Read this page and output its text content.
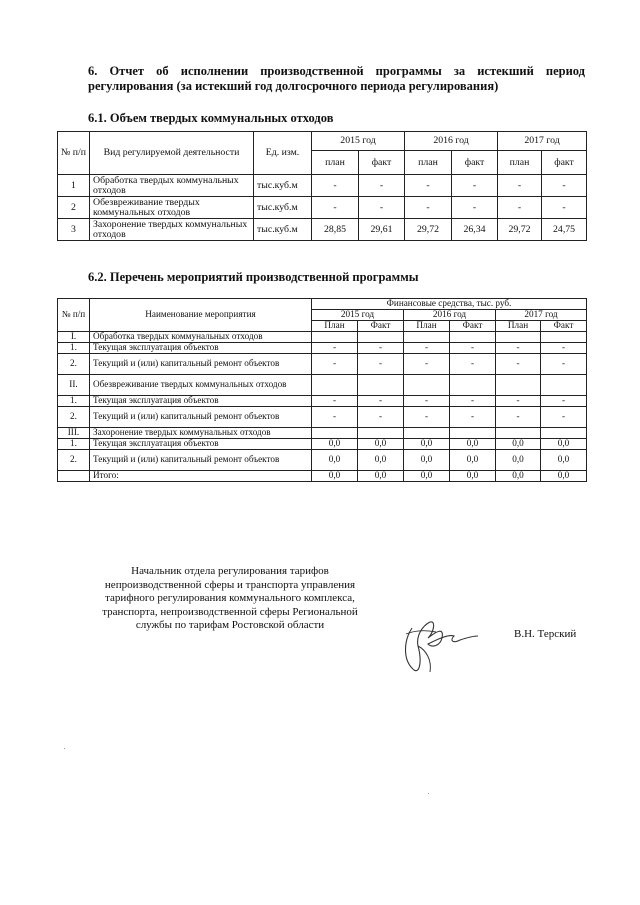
6. Отчет об исполнении производственной программы за истекший период
регулирования (за истекший год долгосрочного периода регулирования)
6.1. Объем твердых коммунальных отходов
№ п/п	Вид регулируемой деятельности	Ед. изм.	2015 год		2016 год		2017 год	
			план	факт	план	факт	план	факт
1	Обработка твердых коммунальных отходов	тыс.куб.м	-	-	-	-	-	-
2	Обезвреживание твердых коммунальных отходов	тыс.куб.м	-	-	-	-	-	-
3	Захоронение твердых коммунальных отходов	тыс.куб.м	28,85	29,61	29,72	26,34	29,72	24,75
6.2. Перечень мероприятий производственной программы
№ п/п	Наименование мероприятия	Финансовые средства, тыс. руб.					
		2015 год		2016 год		2017 год	
		План	Факт	План	Факт	План	Факт
I.	Обработка твердых коммунальных отходов						
1.	Текущая эксплуатация объектов	-	-	-	-	-	-
2.	Текущий и (или) капитальный ремонт объектов	-	-	-	-	-	-
II.	Обезвреживание твердых коммунальных отходов						
1.	Текущая эксплуатация объектов	-	-	-	-	-	-
2.	Текущий и (или) капитальный ремонт объектов	-	-	-	-	-	-
III.	Захоронение твердых коммунальных отходов						
1.	Текущая эксплуатация объектов	0,0	0,0	0,0	0,0	0,0	0,0
2.	Текущий и (или) капитальный ремонт объектов	0,0	0,0	0,0	0,0	0,0	0,0
	Итого:	0,0	0,0	0,0	0,0	0,0	0,0
Начальник отдела регулирования тарифов
непроизводственной сферы и транспорта управления
тарифного регулирования коммунального комплекса,
транспорта, непроизводственной сферы Региональной
службы по тарифам Ростовской области
В.Н. Терский
